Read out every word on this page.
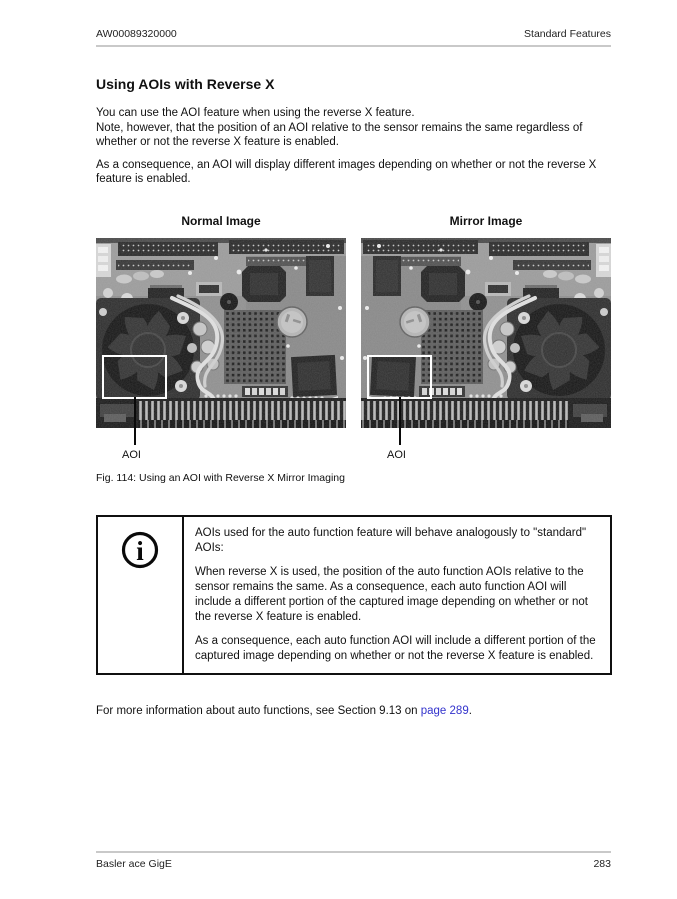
AW00089320000	Standard Features
Using AOIs with Reverse X

You can use the AOI feature when using the reverse X feature.
Note, however, that the position of an AOI relative to the sensor remains the same regardless of whether or not the reverse X feature is enabled.

As a consequence, an AOI will display different images depending on whether or not the reverse X feature is enabled.

Normal Image
AOI
Mirror Image
AOI

Fig. 114: Using an AOI with Reverse X Mirror Imaging

i

AOIs used for the auto function feature will behave analogously to "standard" AOIs:

When reverse X is used, the position of the auto function AOIs relative to the sensor remains the same. As a consequence, each auto function AOI will include a different portion of the captured image depending on whether or not the reverse X feature is enabled.

As a consequence, each auto function AOI will include a different portion of the captured image depending on whether or not the reverse X feature is enabled.

For more information about auto functions, see Section 9.13 on page 289.

Basler ace GigE	283
